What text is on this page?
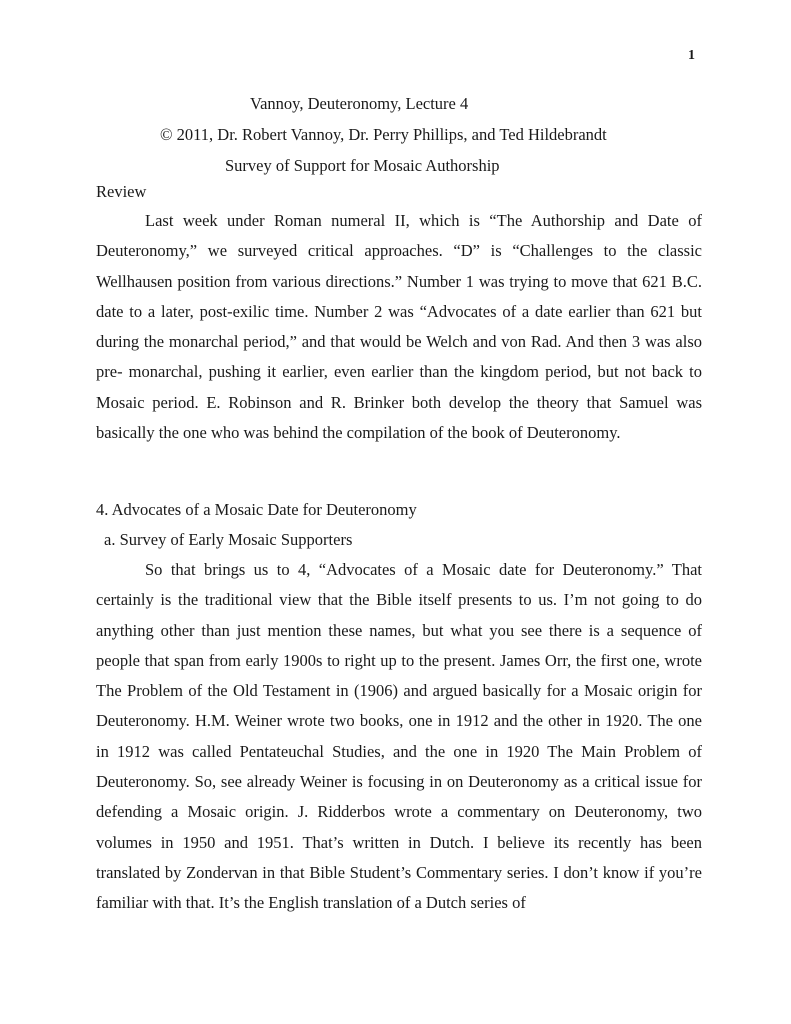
1
Vannoy, Deuteronomy, Lecture 4
© 2011, Dr. Robert Vannoy, Dr. Perry Phillips, and Ted Hildebrandt
Survey of Support for Mosaic Authorship
Review

Last week under Roman numeral II, which is “The Authorship and Date of Deuteronomy,” we surveyed critical approaches. “D” is “Challenges to the classic Wellhausen position from various directions.” Number 1 was trying to move that 621 B.C. date to a later, post-exilic time. Number 2 was “Advocates of a date earlier than 621 but during the monarchal period,” and that would be Welch and von Rad. And then 3 was also pre- monarchal, pushing it earlier, even earlier than the kingdom period, but not back to Mosaic period. E. Robinson and R. Brinker both develop the theory that Samuel was basically the one who was behind the compilation of the book of Deuteronomy.

4. Advocates of a Mosaic Date for Deuteronomy

a. Survey of Early Mosaic Supporters

So that brings us to 4, “Advocates of a Mosaic date for Deuteronomy.” That certainly is the traditional view that the Bible itself presents to us. I’m not going to do anything other than just mention these names, but what you see there is a sequence of people that span from early 1900s to right up to the present. James Orr, the first one, wrote The Problem of the Old Testament in (1906) and argued basically for a Mosaic origin for Deuteronomy. H.M. Weiner wrote two books, one in 1912 and the other in 1920. The one in 1912 was called Pentateuchal Studies, and the one in 1920 The Main Problem of Deuteronomy. So, see already Weiner is focusing in on Deuteronomy as a critical issue for defending a Mosaic origin. J. Ridderbos wrote a commentary on Deuteronomy, two volumes in 1950 and 1951. That’s written in Dutch. I believe its recently has been translated by Zondervan in that Bible Student’s Commentary series. I don’t know if you’re familiar with that. It’s the English translation of a Dutch series of
